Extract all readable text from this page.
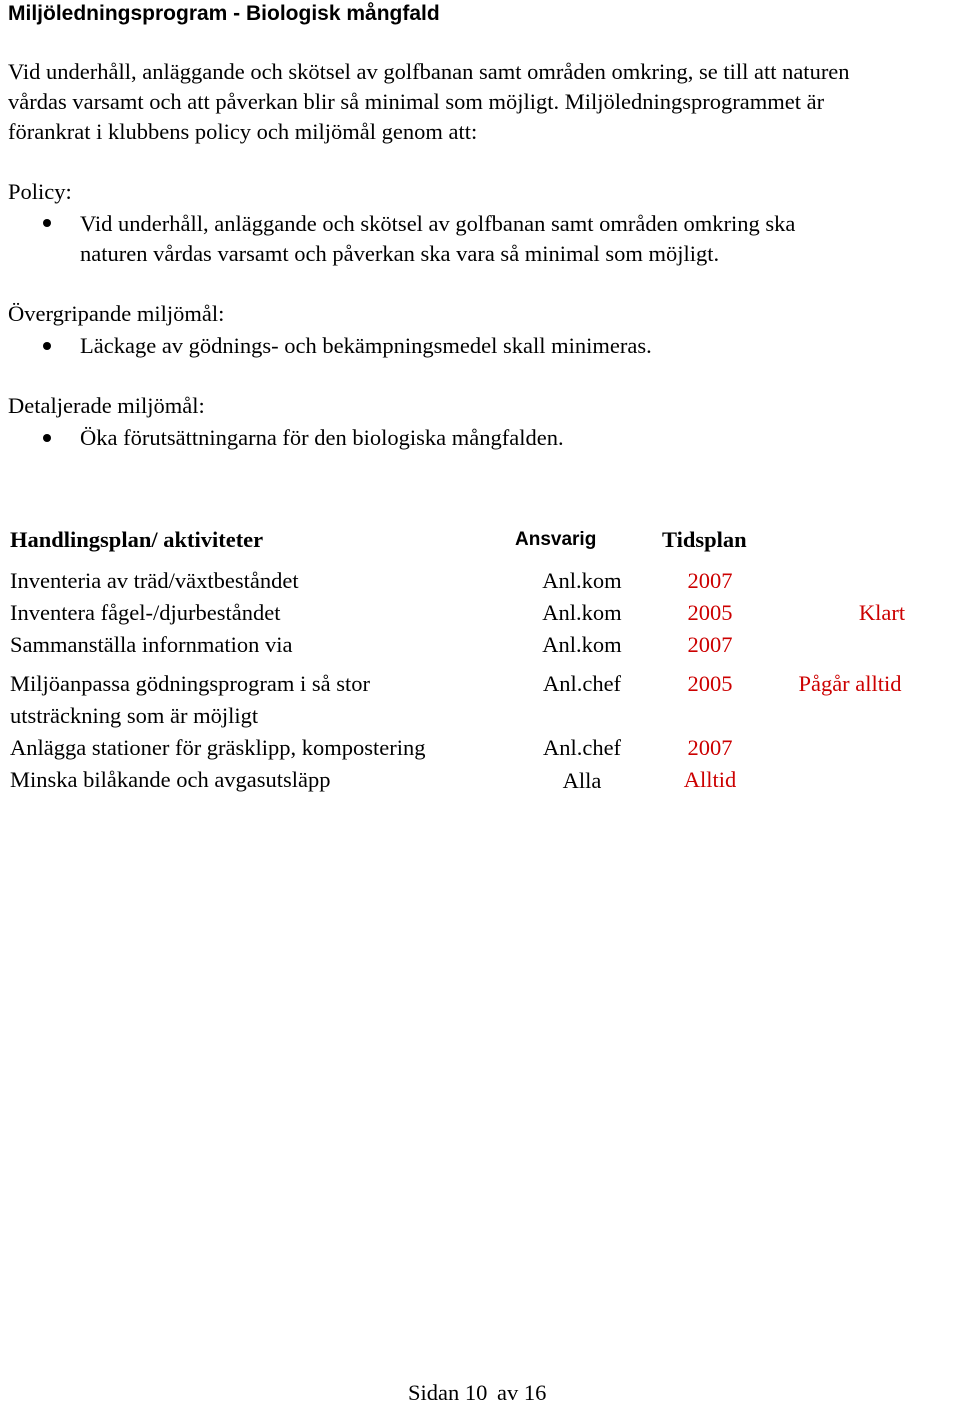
Miljöledningsprogram - Biologisk mångfald
Vid underhåll, anläggande och skötsel av golfbanan samt områden omkring, se till att naturen
vårdas varsamt och att påverkan blir så minimal som möjligt. Miljöledningsprogrammet är
förankrat i klubbens policy och miljömål genom att:
Policy:
Vid underhåll, anläggande och skötsel av golfbanan samt områden omkring ska
naturen vårdas varsamt och påverkan ska vara så minimal som möjligt.
Övergripande miljömål:
Läckage av gödnings- och bekämpningsmedel skall minimeras.
Detaljerade miljömål:
Öka förutsättningarna för den biologiska mångfalden.
Handlingsplan/ aktiviteter	Ansvarig	Tidsplan
Inventeria av träd/växtbeståndet	Anl.kom	2007
Inventera fågel-/djurbeståndet	Anl.kom	2005	Klart
Sammanställa infornmation via	Anl.kom	2007
Miljöanpassa gödningsprogram i så stor
utsträckning som är möjligt
Anl.chef	2005	Pågår alltid
Anlägga stationer för gräsklipp, kompostering	Anl.chef	2007
Minska bilåkande och avgasutsläpp	Alla	Alltid
Sidan 10 av 16
